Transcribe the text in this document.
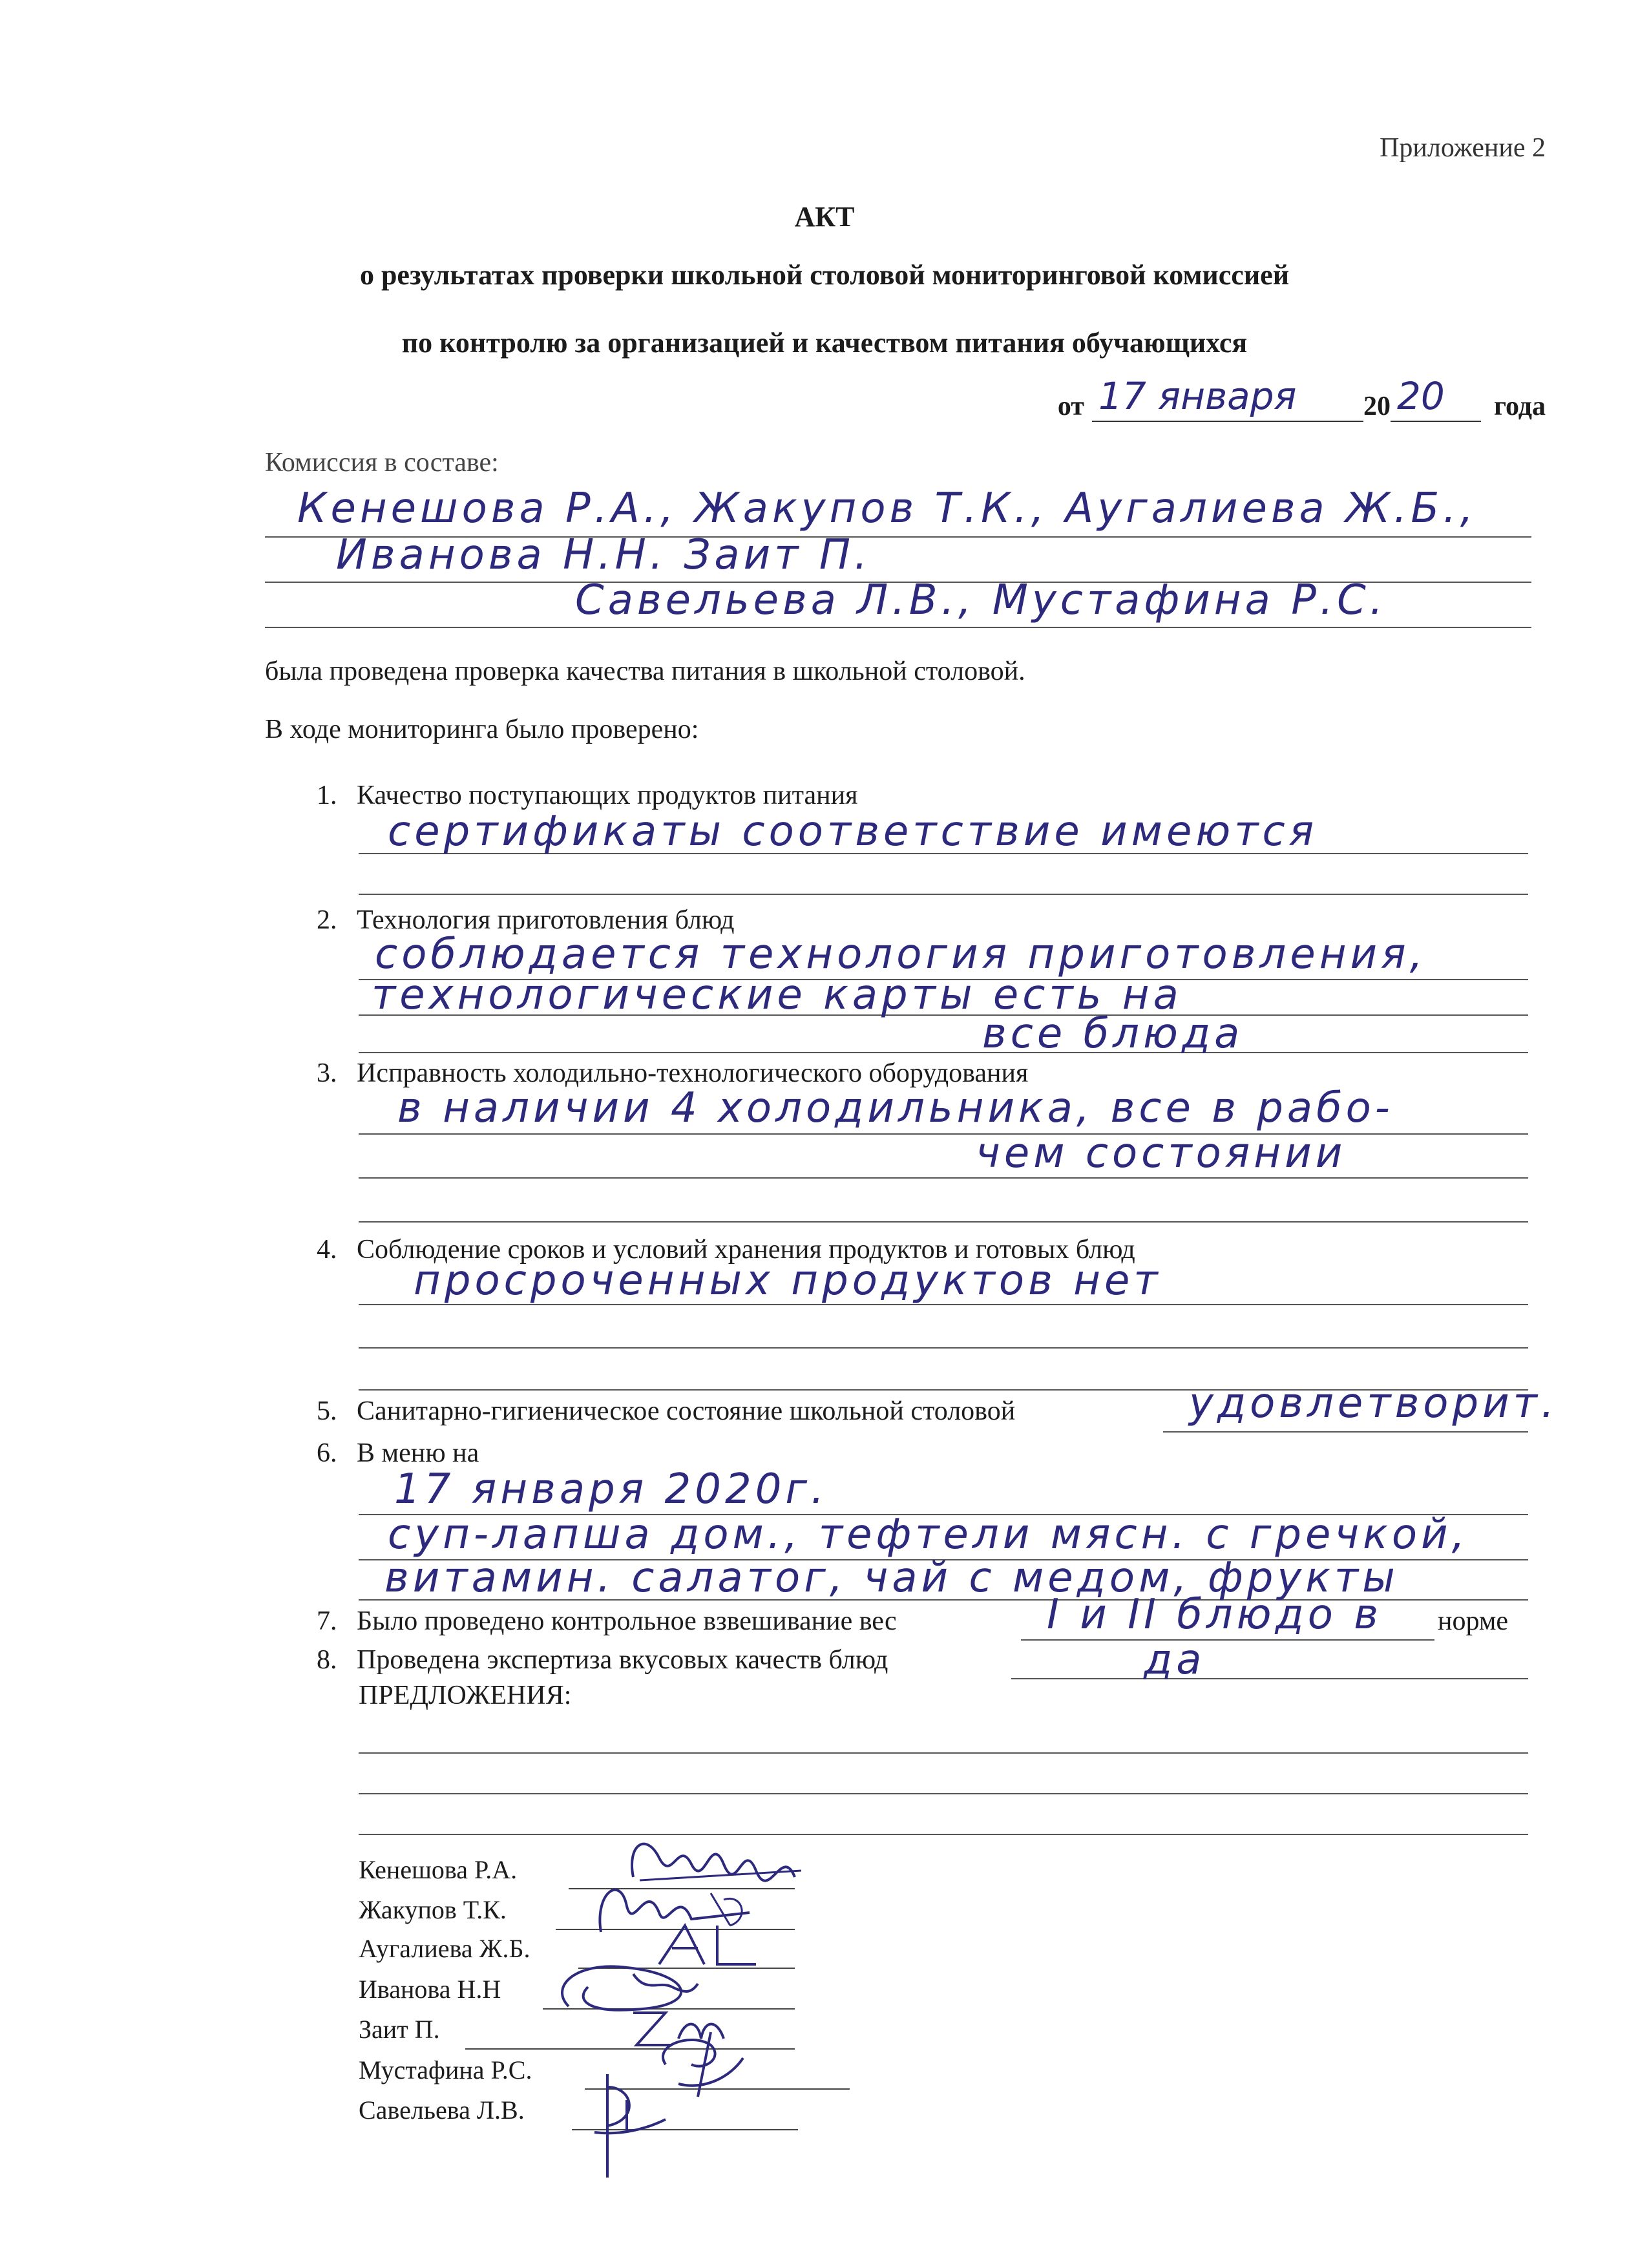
Приложение 2
АКТ
о результатах проверки школьной столовой мониторинговой комиссией
по контролю за организацией и качеством питания обучающихся
от 17 января 20 20 года
Комиссия в составе:
Кенешова Р.А., Жакупов Т.К., Аугалиева Ж.Б.,
Иванова Н.Н. Заит П.
Савельева Л.В., Мустафина Р.С.
была проведена проверка качества питания в школьной столовой.
В ходе мониторинга было проверено:
1. Качество поступающих продуктов питания
сертификаты соответствие имеются
2. Технология приготовления блюд
соблюдается технология приготовления,
технологические карты есть на
все блюда
3. Исправность холодильно-технологического оборудования
в наличии 4 холодильника, все в рабо-
чем состоянии
4. Соблюдение сроков и условий хранения продуктов и готовых блюд
просроченных продуктов нет
5. Санитарно-гигиеническое состояние школьной столовой	удовлетворит.
6. В меню на
17 января 2020г.
суп-лапша дом., тефтели мясн. с гречкой,
витамин. салатог, чай с медом, фрукты
7. Было проведено контрольное взвешивание вес	I и II блюдо в норме
8. Проведена экспертиза вкусовых качеств блюд	да
ПРЕДЛОЖЕНИЯ:
Кенешова Р.А.
Жакупов Т.К.
Аугалиева Ж.Б.
Иванова Н.Н
Заит П.
Мустафина Р.С.
Савельева Л.В.
